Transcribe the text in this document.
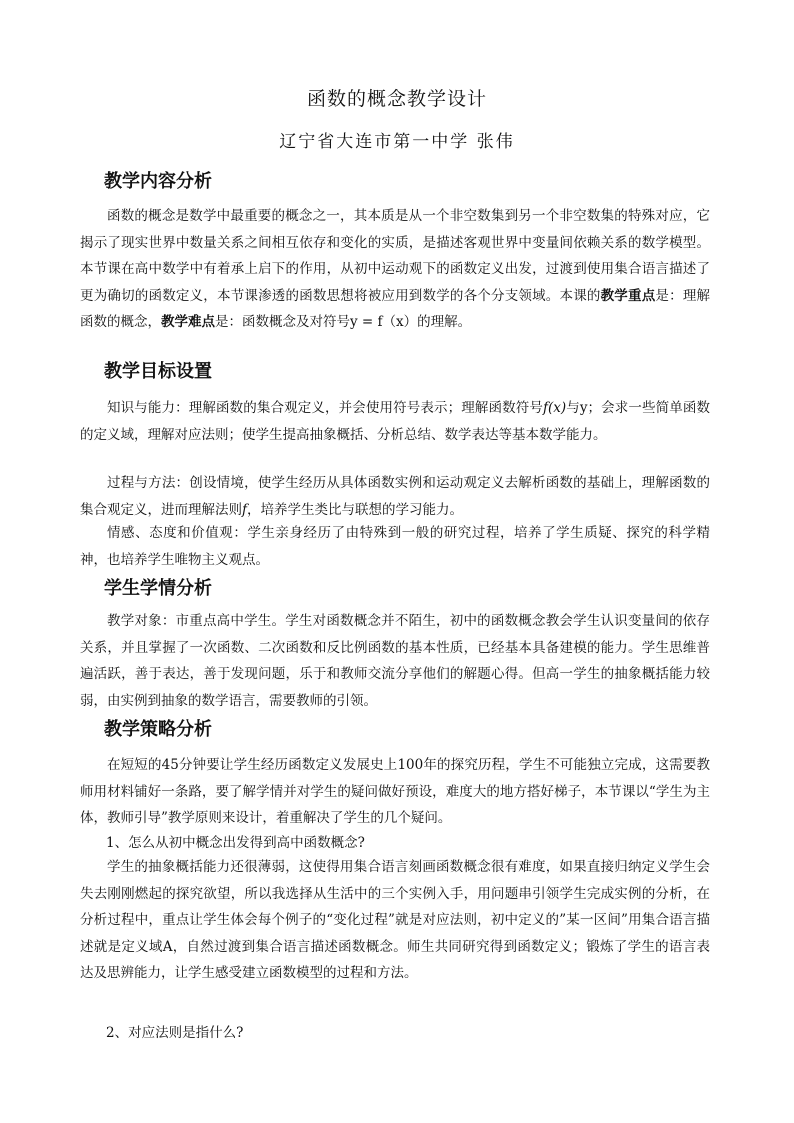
函数的概念教学设计
辽宁省大连市第一中学 张伟
教学内容分析
函数的概念是数学中最重要的概念之一，其本质是从一个非空数集到另一个非空数集的特殊对应，它揭示了现实世界中数量关系之间相互依存和变化的实质，是描述客观世界中变量间依赖关系的数学模型。本节课在高中数学中有着承上启下的作用，从初中运动观下的函数定义出发，过渡到使用集合语言描述了更为确切的函数定义，本节课渗透的函数思想将被应用到数学的各个分支领域。本课的教学重点是：理解函数的概念，教学难点是：函数概念及对符号y = f（x）的理解。
教学目标设置
知识与能力：理解函数的集合观定义，并会使用符号表示；理解函数符号f(x)与y；会求一些简单函数的定义域，理解对应法则；使学生提高抽象概括、分析总结、数学表达等基本数学能力。
过程与方法：创设情境，使学生经历从具体函数实例和运动观定义去解析函数的基础上，理解函数的集合观定义，进而理解法则f，培养学生类比与联想的学习能力。
情感、态度和价值观：学生亲身经历了由特殊到一般的研究过程，培养了学生质疑、探究的科学精神，也培养学生唯物主义观点。
学生学情分析
教学对象：市重点高中学生。学生对函数概念并不陌生，初中的函数概念教会学生认识变量间的依存关系，并且掌握了一次函数、二次函数和反比例函数的基本性质，已经基本具备建模的能力。学生思维普遍活跃，善于表达，善于发现问题，乐于和教师交流分享他们的解题心得。但高一学生的抽象概括能力较弱，由实例到抽象的数学语言，需要教师的引领。
教学策略分析
在短短的45分钟要让学生经历函数定义发展史上100年的探究历程，学生不可能独立完成，这需要教师用材料铺好一条路，要了解学情并对学生的疑问做好预设，难度大的地方搭好梯子，本节课以“学生为主体，教师引导”教学原则来设计，着重解决了学生的几个疑问。
1、怎么从初中概念出发得到高中函数概念?
学生的抽象概括能力还很薄弱，这使得用集合语言刻画函数概念很有难度，如果直接归纳定义学生会失去刚刚燃起的探究欲望，所以我选择从生活中的三个实例入手，用问题串引领学生完成实例的分析，在分析过程中，重点让学生体会每个例子的“变化过程”就是对应法则，初中定义的”某一区间”用集合语言描述就是定义域A，自然过渡到集合语言描述函数概念。师生共同研究得到函数定义；锻炼了学生的语言表达及思辨能力，让学生感受建立函数模型的过程和方法。
2、对应法则是指什么?
